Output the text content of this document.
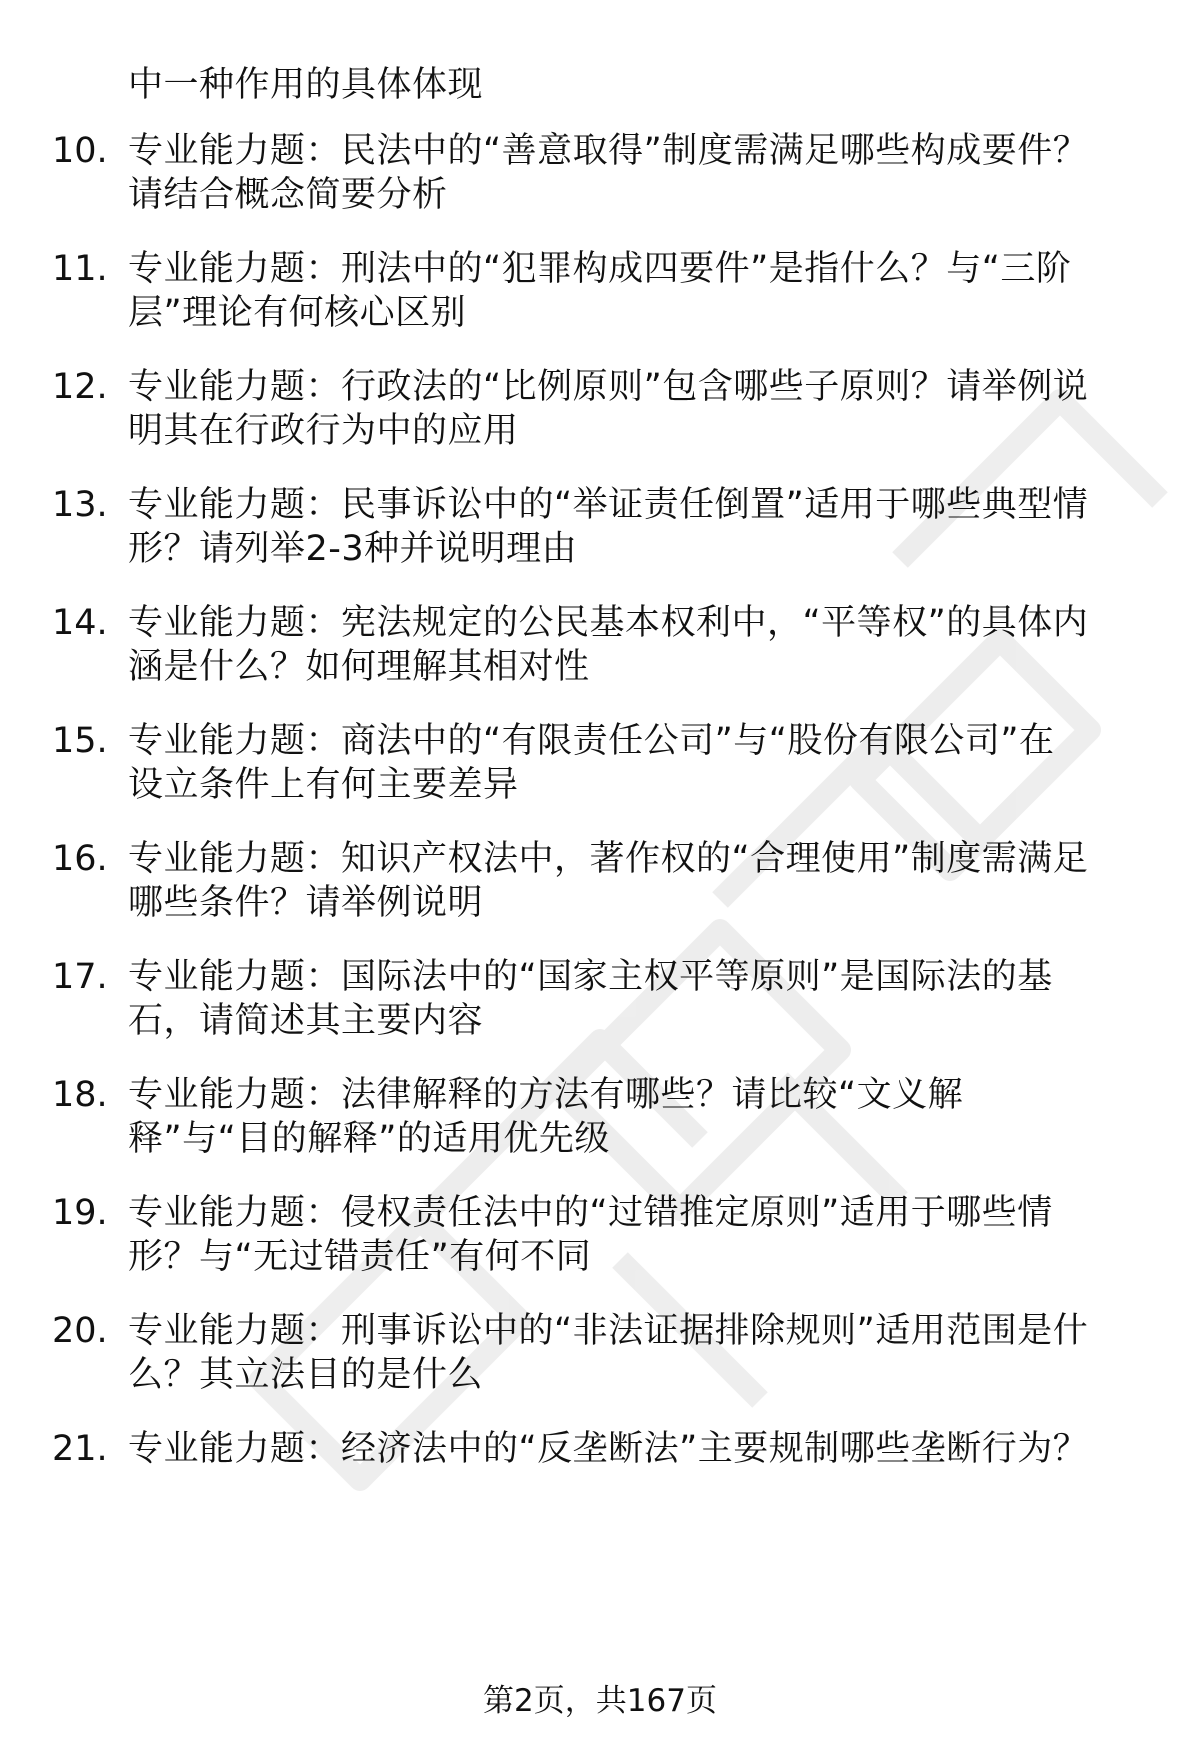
中一种作用的具体体现
10. 专业能力题：民法中的“善意取得”制度需满足哪些构成要件？
请结合概念简要分析
11. 专业能力题：刑法中的“犯罪构成四要件”是指什么？与“三阶
层”理论有何核心区别
12. 专业能力题：行政法的“比例原则”包含哪些子原则？请举例说
明其在行政行为中的应用
13. 专业能力题：民事诉讼中的“举证责任倒置”适用于哪些典型情
形？请列举2-3种并说明理由
14. 专业能力题：宪法规定的公民基本权利中，“平等权”的具体内
涵是什么？如何理解其相对性
15. 专业能力题：商法中的“有限责任公司”与“股份有限公司”在
设立条件上有何主要差异
16. 专业能力题：知识产权法中，著作权的“合理使用”制度需满足
哪些条件？请举例说明
17. 专业能力题：国际法中的“国家主权平等原则”是国际法的基
石，请简述其主要内容
18. 专业能力题：法律解释的方法有哪些？请比较“文义解
释”与“目的解释”的适用优先级
19. 专业能力题：侵权责任法中的“过错推定原则”适用于哪些情
形？与“无过错责任”有何不同
20. 专业能力题：刑事诉讼中的“非法证据排除规则”适用范围是什
么？其立法目的是什么
21. 专业能力题：经济法中的“反垄断法”主要规制哪些垄断行为？
第2页，共167页
